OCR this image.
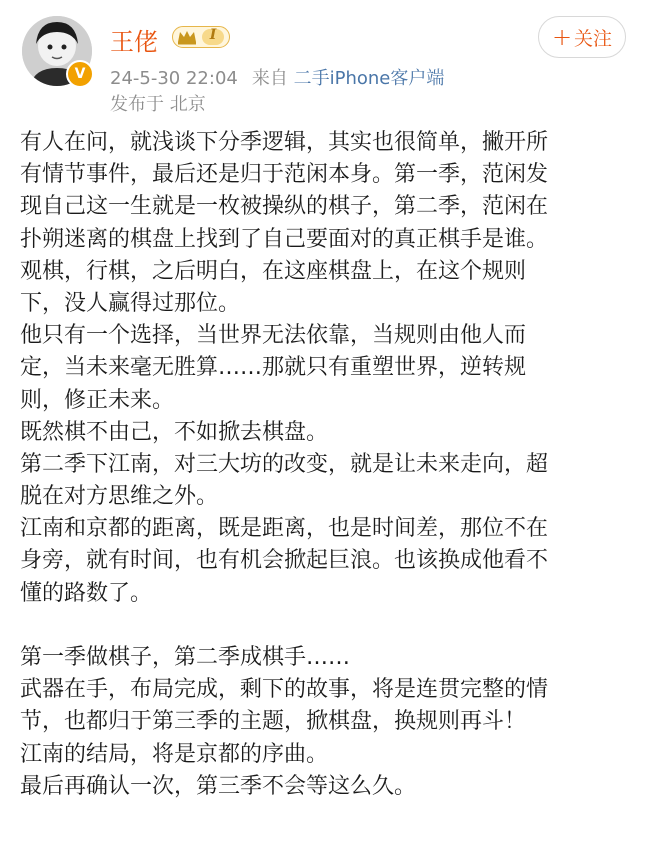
V
王佬	I
24-5-30 22:04 来自 二手iPhone客户端
发布于 北京
+ 关注
有人在问，就浅谈下分季逻辑，其实也很简单，撇开所
有情节事件，最后还是归于范闲本身。第一季，范闲发
现自己这一生就是一枚被操纵的棋子，第二季，范闲在
扑朔迷离的棋盘上找到了自己要面对的真正棋手是谁。
观棋，行棋，之后明白，在这座棋盘上，在这个规则
下，没人赢得过那位。
他只有一个选择，当世界无法依靠，当规则由他人而
定，当未来毫无胜算……那就只有重塑世界，逆转规
则，修正未来。
既然棋不由己，不如掀去棋盘。
第二季下江南，对三大坊的改变，就是让未来走向，超
脱在对方思维之外。
江南和京都的距离，既是距离，也是时间差，那位不在
身旁，就有时间，也有机会掀起巨浪。也该换成他看不
懂的路数了。
第一季做棋子，第二季成棋手……
武器在手，布局完成，剩下的故事，将是连贯完整的情
节，也都归于第三季的主题，掀棋盘，换规则再斗！
江南的结局，将是京都的序曲。
最后再确认一次，第三季不会等这么久。
